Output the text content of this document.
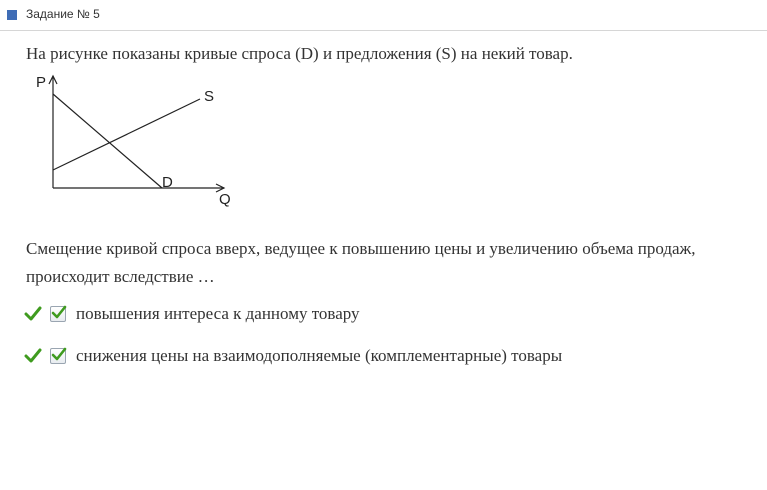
Задание № 5
На рисунке показаны кривые спроса (D) и предложения (S) на некий товар.
P
Q
S
D
Смещение кривой спроса вверх, ведущее к повышению цены и увеличению объема продаж, происходит вследствие …
повышения интереса к данному товару
снижения цены на взаимодополняемые (комплементарные) товары
